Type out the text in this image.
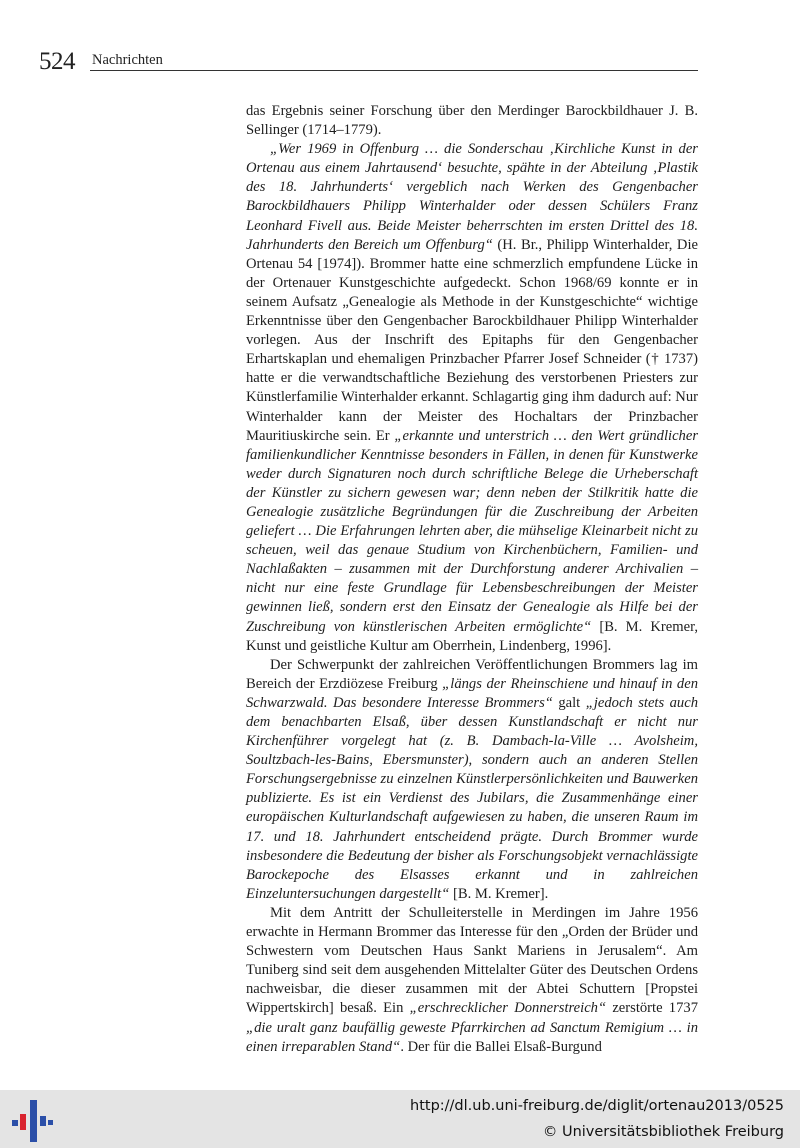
524 Nachrichten

das Ergebnis seiner Forschung über den Merdinger Barockbildhauer J. B. Sellinger (1714–1779).

„Wer 1969 in Offenburg … die Sonderschau ‚Kirchliche Kunst in der Ortenau aus einem Jahrtausend‘ besuchte, spähte in der Abteilung ‚Plastik des 18. Jahrhunderts‘ vergeblich nach Werken des Gengenbacher Barockbildhauers Philipp Winterhalder oder dessen Schülers Franz Leonhard Fivell aus. Beide Meister beherrschten im ersten Drittel des 18. Jahrhunderts den Bereich um Offenburg“ (H. Br., Philipp Winterhalder, Die Ortenau 54 [1974]). Brommer hatte eine schmerzlich empfundene Lücke in der Ortenauer Kunstgeschichte aufgedeckt. Schon 1968/69 konnte er in seinem Aufsatz „Genealogie als Methode in der Kunstgeschichte“ wichtige Erkenntnisse über den Gengenbacher Barockbildhauer Philipp Winterhalder vorlegen. Aus der Inschrift des Epitaphs für den Gengenbacher Erhartskaplan und ehemaligen Prinzbacher Pfarrer Josef Schneider († 1737) hatte er die verwandtschaftliche Beziehung des verstorbenen Priesters zur Künstlerfamilie Winterhalder erkannt. Schlagartig ging ihm dadurch auf: Nur Winterhalder kann der Meister des Hochaltars der Prinzbacher Mauritiuskirche sein. Er „erkannte und unterstrich … den Wert gründlicher familienkundlicher Kenntnisse besonders in Fällen, in denen für Kunstwerke weder durch Signaturen noch durch schriftliche Belege die Urheberschaft der Künstler zu sichern gewesen war; denn neben der Stilkritik hatte die Genealogie zusätzliche Begründungen für die Zuschreibung der Arbeiten geliefert … Die Erfahrungen lehrten aber, die mühselige Kleinarbeit nicht zu scheuen, weil das genaue Studium von Kirchenbüchern, Familien- und Nachlaßakten – zusammen mit der Durchforstung anderer Archivalien – nicht nur eine feste Grundlage für Lebensbeschreibungen der Meister gewinnen ließ, sondern erst den Einsatz der Genealogie als Hilfe bei der Zuschreibung von künstlerischen Arbeiten ermöglichte“ [B. M. Kremer, Kunst und geistliche Kultur am Oberrhein, Lindenberg, 1996].

Der Schwerpunkt der zahlreichen Veröffentlichungen Brommers lag im Bereich der Erzdiözese Freiburg „längs der Rheinschiene und hinauf in den Schwarzwald. Das besondere Interesse Brommers“ galt „jedoch stets auch dem benachbarten Elsaß, über dessen Kunstlandschaft er nicht nur Kirchenführer vorgelegt hat (z. B. Dambach-la-Ville … Avolsheim, Soultzbach-les-Bains, Ebersmunster), sondern auch an anderen Stellen Forschungsergebnisse zu einzelnen Künstlerpersönlichkeiten und Bauwerken publizierte. Es ist ein Verdienst des Jubilars, die Zusammenhänge einer europäischen Kulturlandschaft aufgewiesen zu haben, die unseren Raum im 17. und 18. Jahrhundert entscheidend prägte. Durch Brommer wurde insbesondere die Bedeutung der bisher als Forschungsobjekt vernachlässigte Barockepoche des Elsasses erkannt und in zahlreichen Einzeluntersuchungen dargestellt“ [B. M. Kremer].

Mit dem Antritt der Schulleiterstelle in Merdingen im Jahre 1956 erwachte in Hermann Brommer das Interesse für den „Orden der Brüder und Schwestern vom Deutschen Haus Sankt Mariens in Jerusalem“. Am Tuniberg sind seit dem ausgehenden Mittelalter Güter des Deutschen Ordens nachweisbar, die dieser zusammen mit der Abtei Schuttern [Propstei Wippertskirch] besaß. Ein „erschrecklicher Donnerstreich“ zerstörte 1737 „die uralt ganz baufällig geweste Pfarrkirchen ad Sanctum Remigium … in einen irreparablen Stand“. Der für die Ballei Elsaß-Burgund

http://dl.ub.uni-freiburg.de/diglit/ortenau2013/0525
© Universitätsbibliothek Freiburg
